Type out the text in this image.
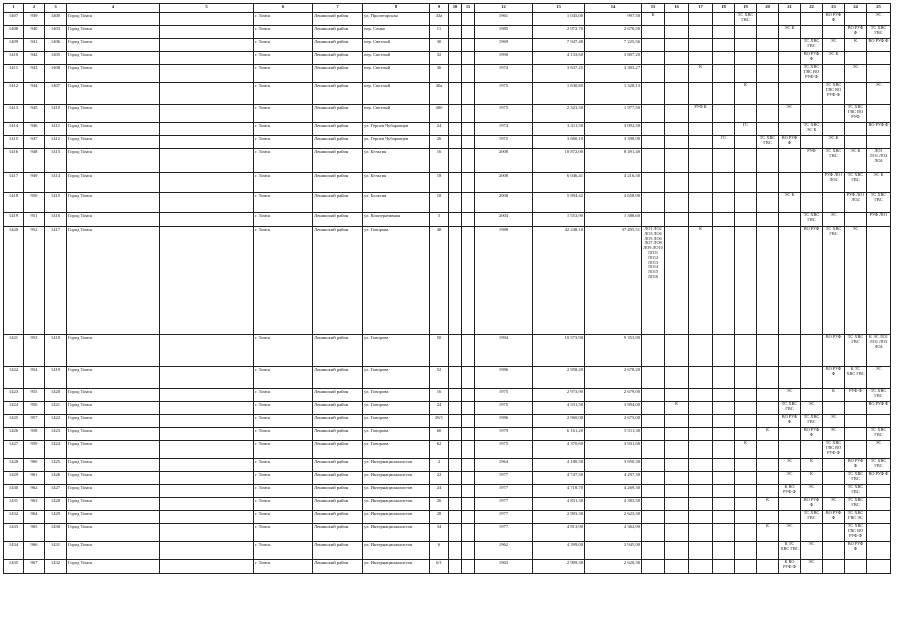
1	2	3	4	5	6	7	8	9	10	11	12	13	14	15	16	17	18	19	20	21	22	23	24	25
1407	939	1400	Город Томск		г. Томск	Ленинский район	ул. Пролетарская	43а			1961	1 045,00	997,50	К				ТС ХВС ГВС				ВО РУФ Ф		ЭС
1408	940	1403	Город Томск		г. Томск	Ленинский район	пер. Сенко	11			1985	2 972,70	2 670,50							ЭС К			ВО РУФ Ф	ТС ХВС ГВС
1409	941	1406	Город Томск		г. Томск	Ленинский район	пер. Светлый	30			1969	7 947,48	7 225,56								ТС ХВС ГВС	ЭС	К	ВО РУФ Ф
1410	942	1405	Город Томск		г. Томск	Ленинский район	пер. Светлый	32			1990	4 133,60	3 807,20								ВО РУФ Ф	ЭС К		
1411	943	1408	Город Томск		г. Томск	Ленинский район	пер. Светлый	36			1974	3 637,25	3 303,27			К					ТС ХВС ГВС ВО РУФ Ф		ЭС	
1412	944	1407	Город Томск		г. Томск	Ленинский район	пер. Светлый	40а			1975	1 630,80	1 328,13					К				ТС ХВС ГВС ВО РУФ Ф		ЭС
1413	945	1410	Город Томск		г. Томск	Ленинский район	пер. Светлый	40б			1975	2 323,50	1 977,50			РУФ К				ЭС			ТС ХВС ГВС ВО РУФ	
1414	946	1411	Город Томск		г. Томск	Ленинский район	ул. Героев Чубаровцев	24			1974	3 411,50	3 092,50					ГС			ТС ХВС ЭС К			ВО РУФ Ф
1415	947	1412	Город Томск		г. Томск	Ленинский район	ул. Героев Чубаровцев	26			1975	3 660,10	3 398,90				ГС		ТС ХВС ГВС	ВО РУФ Ф		ЭС К		
1416	948	1413	Город Томск		г. Томск	Ленинский район	ул. Бельгия	16			2008	10 872,00	8 491,40								РУФ	ТС ХВС ГВС	ЭС К	ЛО1 ЛО1.ЛО3 ЛО4
1417	949	1414	Город Томск		г. Томск	Ленинский район	ул. Бельгия	18			2008	6 046,41	4 216,30									РУФ ЛО1 ЛО2	ТС ХВС ГВС	ЭС К
1418	950	1415	Город Томск		г. Томск	Ленинский район	ул. Бельгия	18			2008	5 894,42	4 658,90							ЭС К			РУФ ЛО1 ЛО2	ТС ХВС ГВС
1419	951	1416	Город Томск		г. Томск	Ленинский район	ул. Кооперативная	5			2004	1 553,90	1 388,60								ТС ХВС ГВС	ЭС		РУФ ЛО1
1420	952	1417	Город Томск		г. Томск	Ленинский район	ул. Говорова	48			1988	42 248,10	37 495,51	ЛО1 ЛО2 ЛО3 ЛО4 ЛО5 ЛО6 ЛО7 ЛО8 ЛО9 ЛО10 ЛО11 ЛО12 ЛО13 ЛО14 ЛО15 ЛО16		К					ВО РУФ	ТС ХВС ГВС	ЭС	
1421	953	1418	Город Томск		г. Томск	Ленинский район	ул. Говорова	50			1994	10 573,90	9 353,90									ВО РУФ	ТС ХВС ГВС	К ЭС ЛО1 ЛО1 ЛО3 ЛО4
1422	954	1419	Город Томск		г. Томск	Ленинский район	ул. Говорова	52			1986	2 958,20	2 678,20									ВО РУФ Ф	К ТС ХВС ГВС	ЭС
1423	955	1420	Город Томск		г. Томск	Ленинский район	ул. Говорова	16			1975	2 973,90	2 679,00							ЭС		К	РУФ Ф	ТС ХВС ГВС
1424	956	1421	Город Томск		г. Томск	Ленинский район	ул. Говорова	24			1975	4 331,50	3 894,00		К					ТС ХВС ГВС	ЭС			ВО РУФ Ф
1425	957	1422	Город Томск		г. Томск	Ленинский район	ул. Говорова	28/1			1986	2 960,00	2 675,00							ВО РУФ Ф	ТС ХВС ГВС	ЭС		
1426	958	1423	Город Томск		г. Томск	Ленинский район	ул. Говорова	60			1979	6 161,20	5 911,30						К		ВО РУФ Ф	ЭС		ТС ХВС ГВС
1427	959	1424	Город Томск		г. Томск	Ленинский район	ул. Говорова	62			1975	4 370,60	3 931,60					К				ТС ХВС ГВС ВО РУФ Ф		ЭС
1428	960	1425	Город Томск		г. Томск	Ленинский район	ул. Интернационалистов	2			1964	4 180,30	3 950,30							ЭС	К		ВО РУФ Ф	ТС ХВС ГВС
1429	961	1426	Город Томск		г. Томск	Ленинский район	ул. Интернационалистов	22			1977	4 747,30	4 297,30							ЭС	К		ТС ХВС ГВС	ВО РУФ Ф
1430	962	1427	Город Томск		г. Томск	Ленинский район	ул. Интернационалистов	24			1977	4 718,70	4 269,30							К ВО РУФ Ф	ЭС		ТС ХВС ГВС	
1431	963	1428	Город Томск		г. Томск	Ленинский район	ул. Интернационалистов	26			1977	4 831,30	4 383,50						К		ВО РУФ Ф	ЭС	ТС ХВС ГВС	
1432	964	1429	Город Томск		г. Томск	Ленинский район	ул. Интернационалистов	28			1977	2 993,30	2 623,30								ТС ХВС ГВС	ВО РУФ Ф	ТС ХВС ГВС ЭС	
1433	965	1430	Город Томск		г. Томск	Ленинский район	ул. Интернационалистов	34			1977	4 813,90	4 362,90						К	ЭС			ТС ХВС ГВС ВО РУФ Ф	
1434	966	1431	Город Томск		г. Томск	Ленинский район	ул. Интернационалистов	6			1962	4 399,00	3 945,90							К ТС ХВС ГВС	ЭС		ВО РУФ Ф	
1435	967	1432	Город Томск		г. Томск	Ленинский район	ул. Интернационалистов	6/1			1963	2 909,30	2 620,30							К ВО РУФ Ф	ЭС			
